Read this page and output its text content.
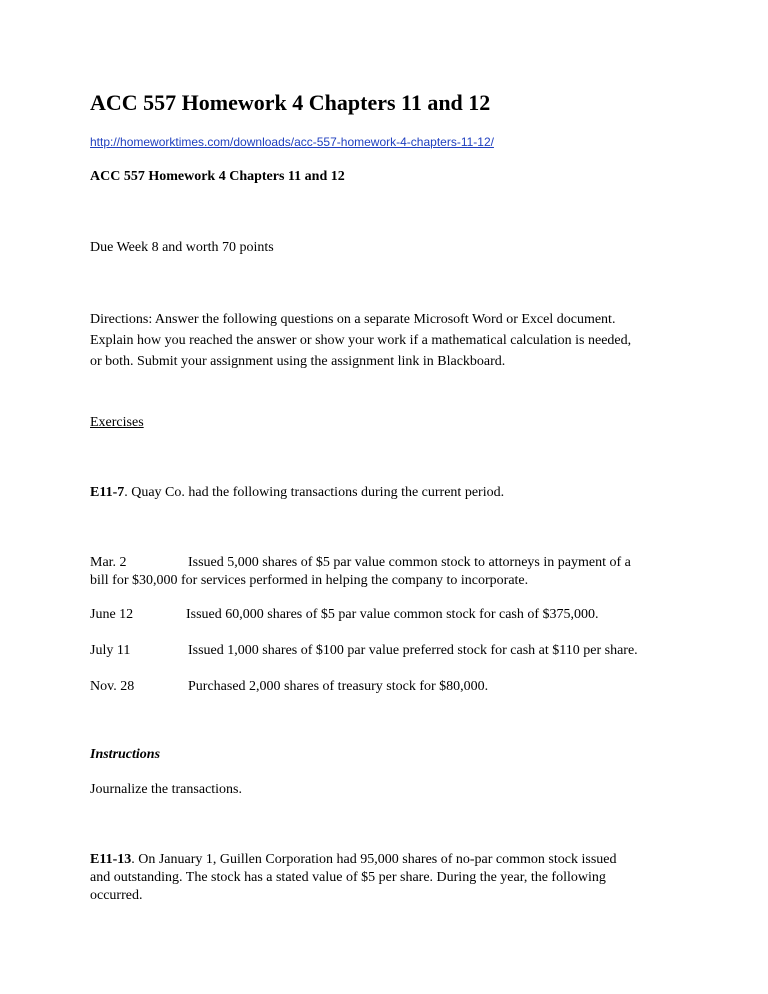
ACC 557 Homework 4 Chapters 11 and 12
http://homeworktimes.com/downloads/acc-557-homework-4-chapters-11-12/
ACC 557 Homework 4 Chapters 11 and 12
Due Week 8 and worth 70 points
Directions: Answer the following questions on a separate Microsoft Word or Excel document.
Explain how you reached the answer or show your work if a mathematical calculation is needed,
or both. Submit your assignment using the assignment link in Blackboard.
Exercises
E11-7. Quay Co. had the following transactions during the current period.
Mar. 2	Issued 5,000 shares of $5 par value common stock to attorneys in payment of a
bill for $30,000 for services performed in helping the company to incorporate.
June 12	Issued 60,000 shares of $5 par value common stock for cash of $375,000.
July 11	Issued 1,000 shares of $100 par value preferred stock for cash at $110 per share.
Nov. 28	Purchased 2,000 shares of treasury stock for $80,000.
Instructions
Journalize the transactions.
E11-13. On January 1, Guillen Corporation had 95,000 shares of no-par common stock issued
and outstanding. The stock has a stated value of $5 per share. During the year, the following
occurred.
